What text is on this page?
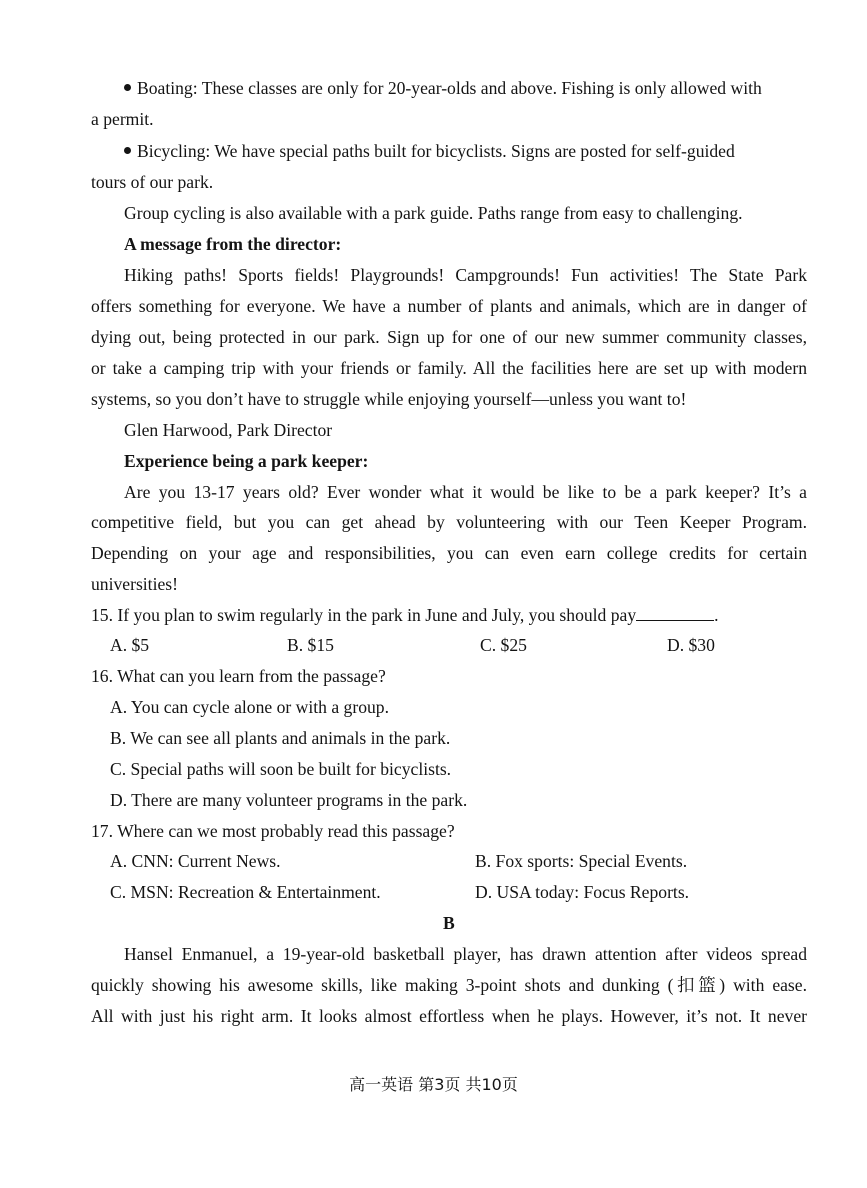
Boating: These classes are only for 20-year-olds and above. Fishing is only allowed with
a permit.
Bicycling: We have special paths built for bicyclists. Signs are posted for self-guided
tours of our park.
Group cycling is also available with a park guide. Paths range from easy to challenging.
A message from the director:
Hiking paths! Sports fields! Playgrounds! Campgrounds! Fun activities! The State Park
offers something for everyone. We have a number of plants and animals, which are in danger of
dying out, being protected in our park. Sign up for one of our new summer community classes,
or take a camping trip with your friends or family. All the facilities here are set up with modern
systems, so you don’t have to struggle while enjoying yourself—unless you want to!
Glen Harwood, Park Director
Experience being a park keeper:
Are you 13-17 years old? Ever wonder what it would be like to be a park keeper? It’s a
competitive field, but you can get ahead by volunteering with our Teen Keeper Program.
Depending on your age and responsibilities, you can even earn college credits for certain
universities!
15. If you plan to swim regularly in the park in June and July, you should pay	.
A. $5	B. $15	C. $25	D. $30
16. What can you learn from the passage?
A. You can cycle alone or with a group.
B. We can see all plants and animals in the park.
C. Special paths will soon be built for bicyclists.
D. There are many volunteer programs in the park.
17. Where can we most probably read this passage?
A. CNN: Current News.	B. Fox sports: Special Events.
C. MSN: Recreation & Entertainment.	D. USA today: Focus Reports.
B
Hansel Enmanuel, a 19-year-old basketball player, has drawn attention after videos spread
quickly showing his awesome skills, like making 3-point shots and dunking (扣篮) with ease.
All with just his right arm. It looks almost effortless when he plays. However, it’s not. It never
高一英语 第3页 共10页
